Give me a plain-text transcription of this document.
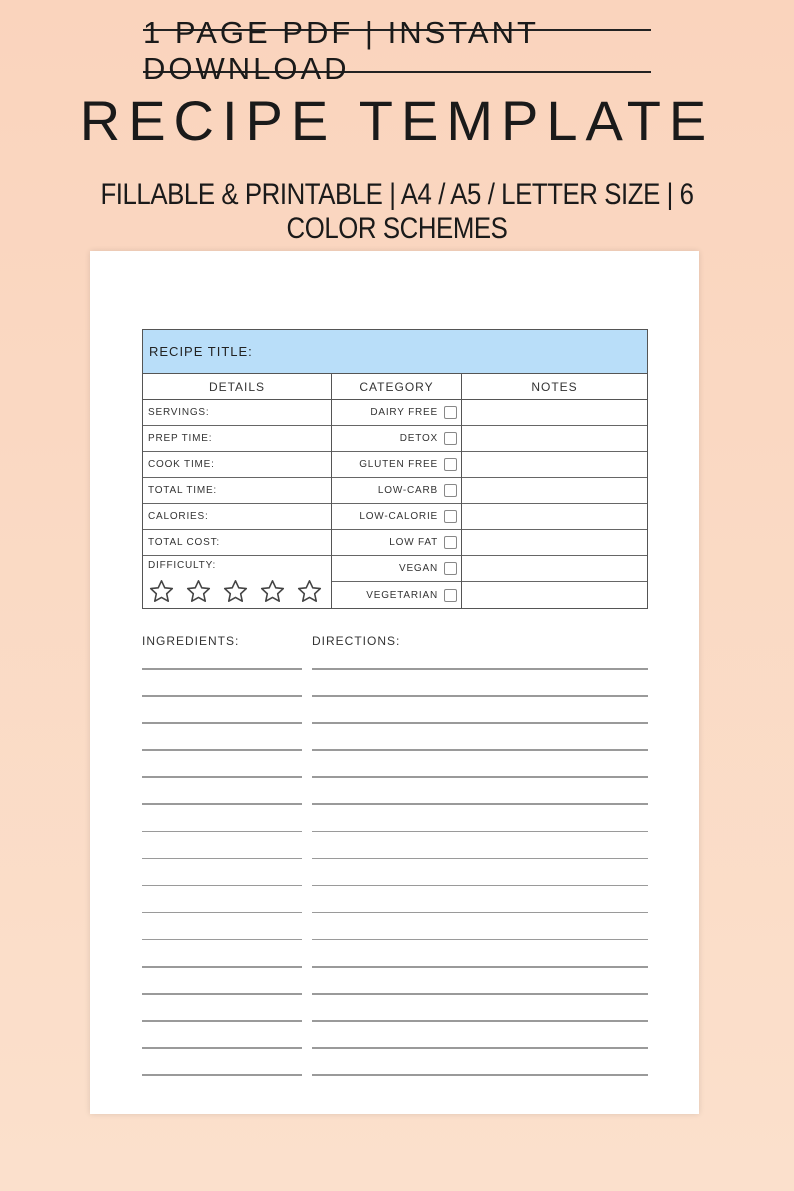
1 PAGE PDF | INSTANT DOWNLOAD
RECIPE TEMPLATE
FILLABLE & PRINTABLE | A4 / A5 / LETTER SIZE | 6 COLOR SCHEMES
RECIPE TITLE:
DETAILS
SERVINGS:
PREP TIME:
COOK TIME:
TOTAL TIME:
CALORIES:
TOTAL COST:
DIFFICULTY:
CATEGORY
DAIRY FREE
DETOX
GLUTEN FREE
LOW-CARB
LOW-CALORIE
LOW FAT
VEGAN
VEGETARIAN
NOTES
INGREDIENTS:	DIRECTIONS:
